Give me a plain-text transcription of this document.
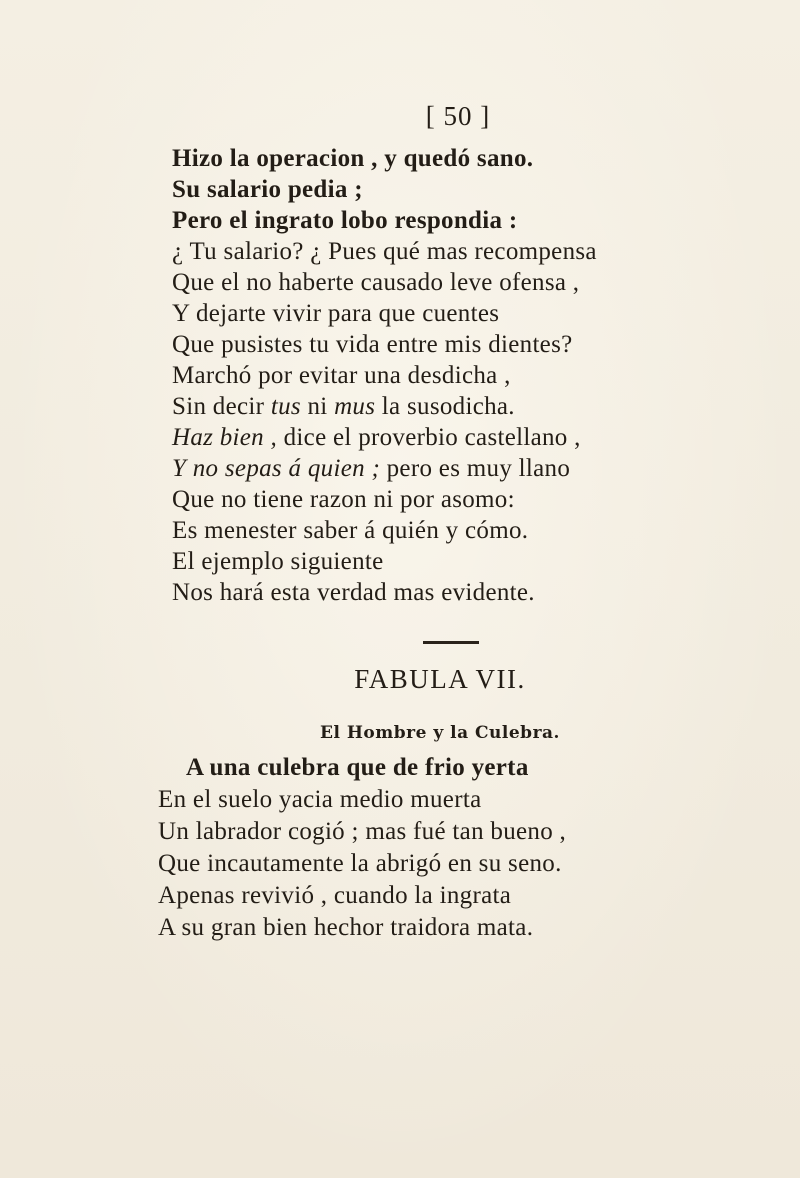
[ 50 ]
Hizo la operacion , y quedó sano.
Su salario pedia ;
Pero el ingrato lobo respondia :
¿ Tu salario? ¿ Pues qué mas recompensa
Que el no haberte causado leve ofensa ,
Y dejarte vivir para que cuentes
Que pusistes tu vida entre mis dientes?
Marchó por evitar una desdicha ,
Sin decir tus ni mus la susodicha.
Haz bien , dice el proverbio castellano ,
Y no sepas á quien ; pero es muy llano
Que no tiene razon ni por asomo:
Es menester saber á quién y cómo.
El ejemplo siguiente
Nos hará esta verdad mas evidente.
FABULA VII.
El Hombre y la Culebra.
A una culebra que de frio yerta
En el suelo yacia medio muerta
Un labrador cogió ; mas fué tan bueno ,
Que incautamente la abrigó en su seno.
Apenas revivió , cuando la ingrata
A su gran bien hechor traidora mata.
